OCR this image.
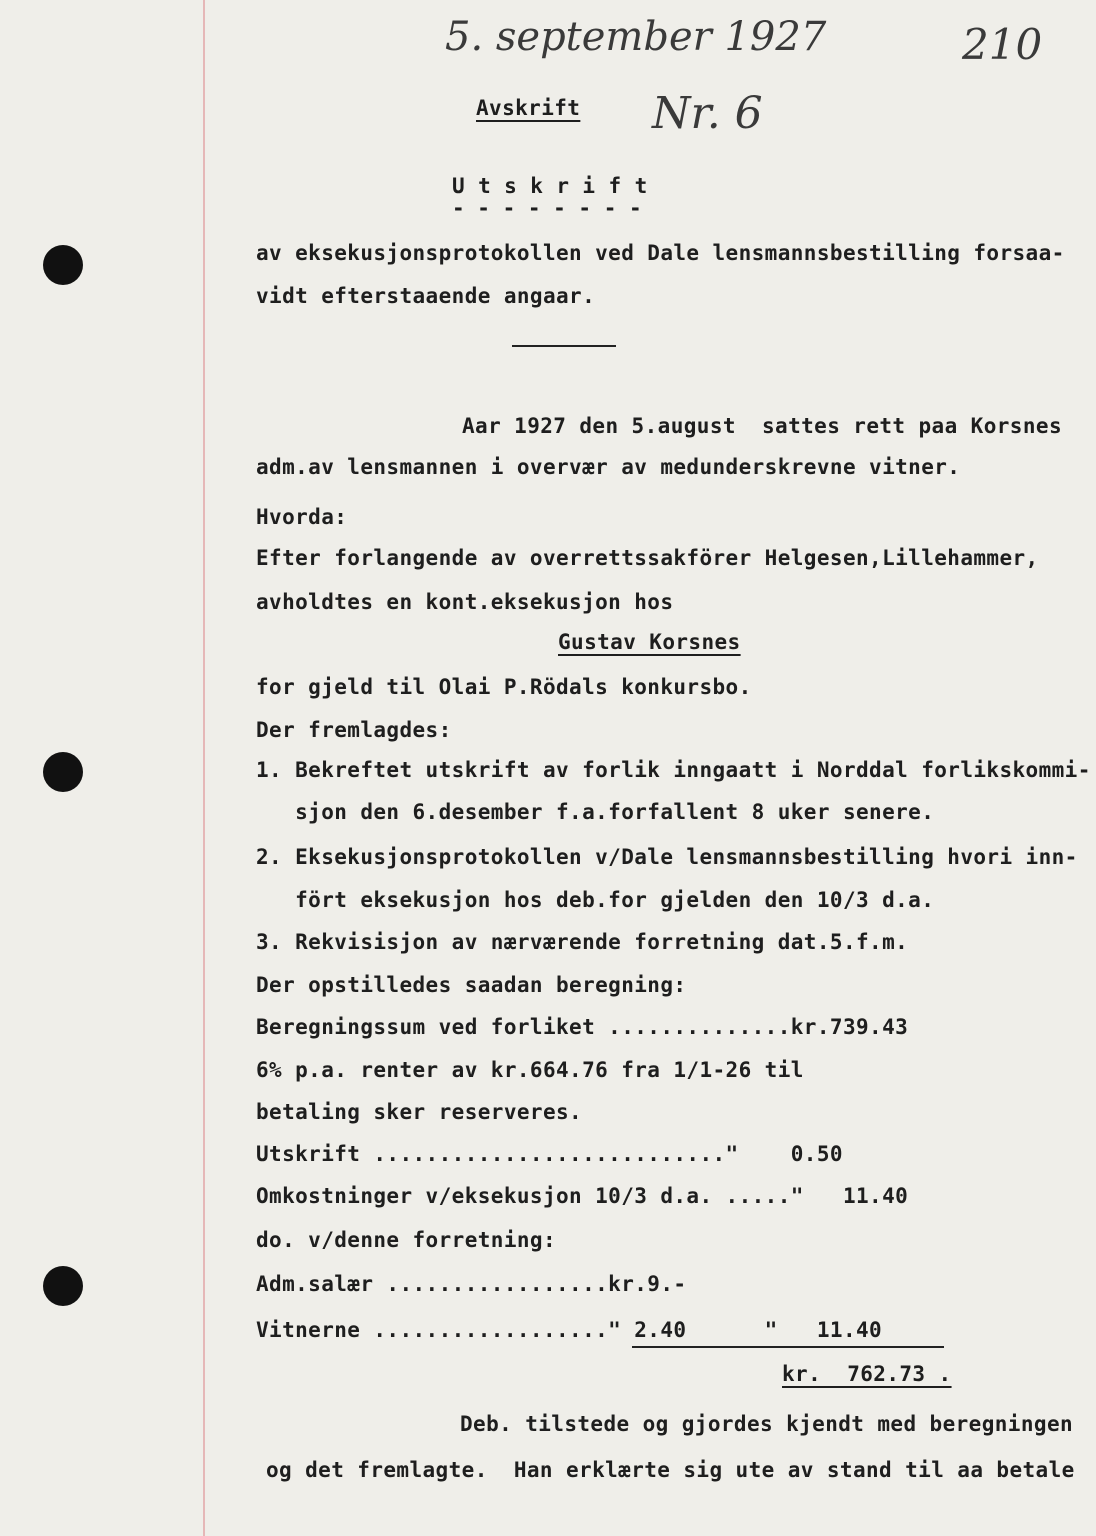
5. september 1927
Nr. 6
210
Avskrift
U t s k r i f t
- - - - - - - -
av eksekusjonsprotokollen ved Dale lensmannsbestilling forsaa-
vidt efterstaaende angaar.
Aar 1927 den 5.august  sattes rett paa Korsnes
adm.av lensmannen i overvær av medunderskrevne vitner.
Hvorda:
Efter forlangende av overrettssakförer Helgesen,Lillehammer,
avholdtes en kont.eksekusjon hos
Gustav Korsnes
for gjeld til Olai P.Rödals konkursbo.
Der fremlagdes:
1. Bekreftet utskrift av forlik inngaatt i Norddal forlikskommi-
sjon den 6.desember f.a.forfallent 8 uker senere.
2. Eksekusjonsprotokollen v/Dale lensmannsbestilling hvori inn-
fört eksekusjon hos deb.for gjelden den 10/3 d.a.
3. Rekvisisjon av nærværende forretning dat.5.f.m.
Der opstilledes saadan beregning:
Beregningssum ved forliket ..............kr.739.43
6% p.a. renter av kr.664.76 fra 1/1-26 til
betaling sker reserveres.
Utskrift ..........................."    0.50
Omkostninger v/eksekusjon 10/3 d.a. ....."   11.40
do. v/denne forretning:
Adm.salær .................kr.9.-
Vitnerne .................." 2.40      "   11.40
kr.  762.73 .
Deb. tilstede og gjordes kjendt med beregningen
og det fremlagte.  Han erklærte sig ute av stand til aa betale
